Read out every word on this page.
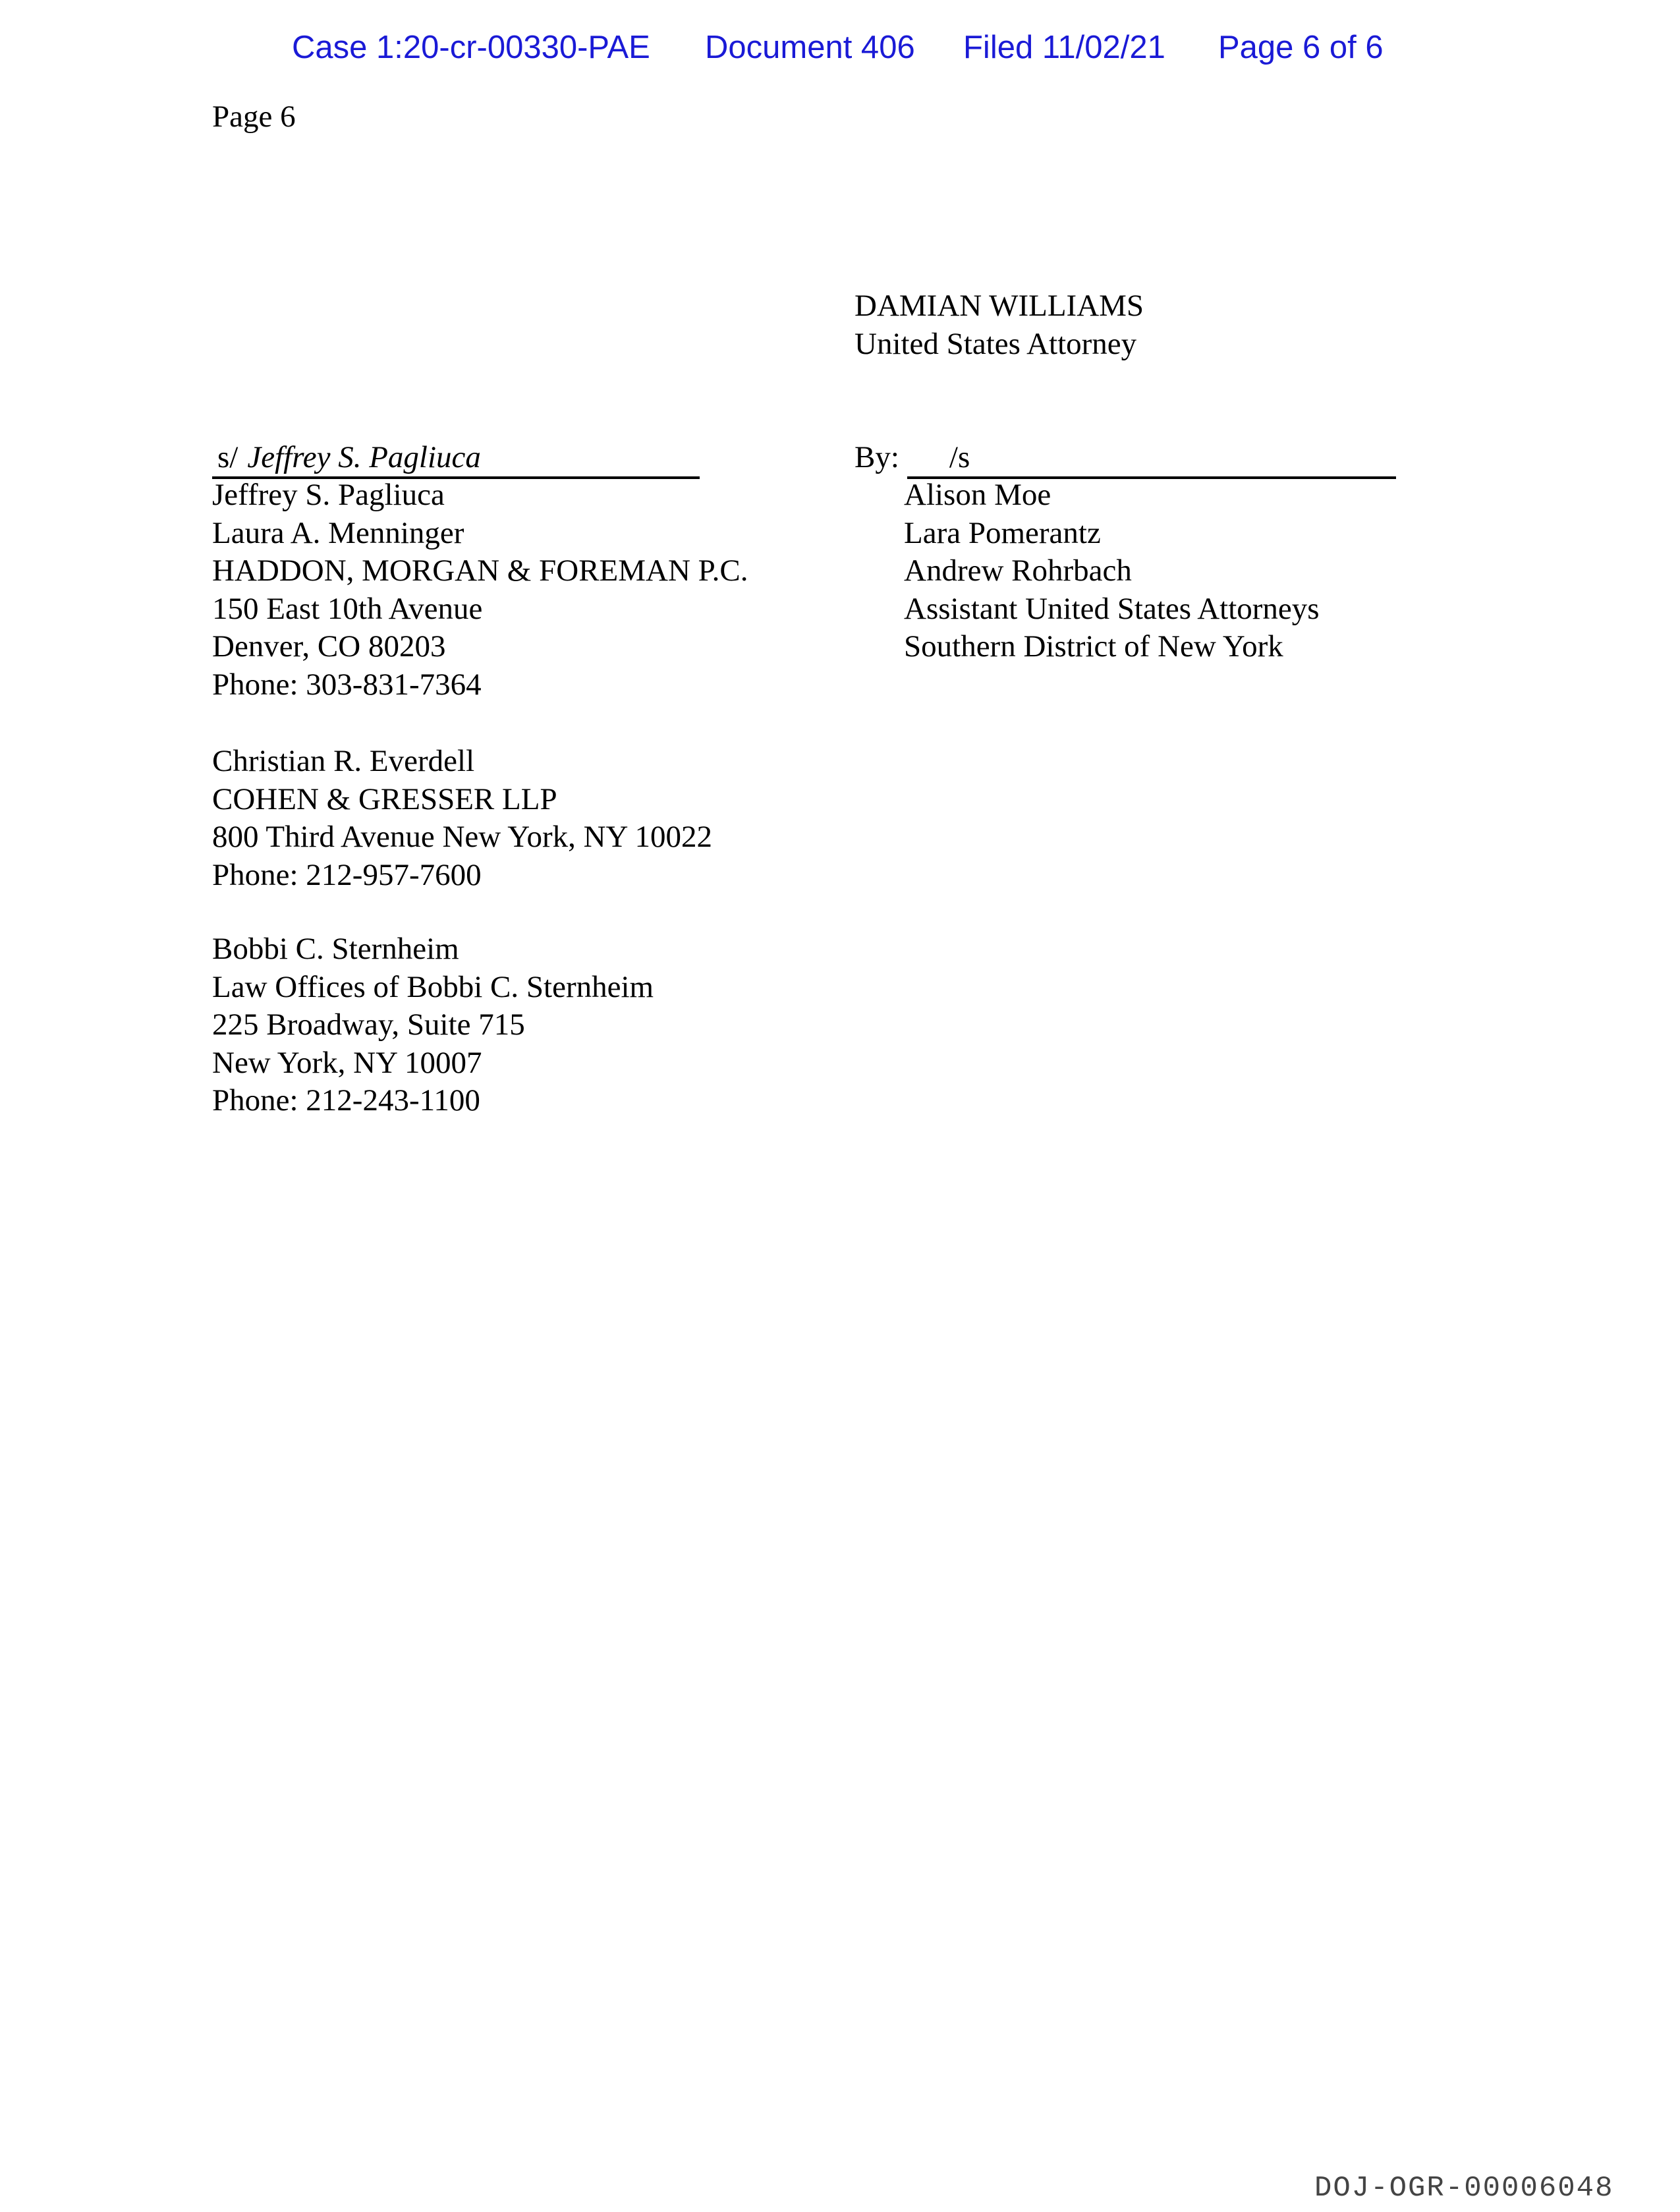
Case 1:20-cr-00330-PAE Document 406 Filed 11/02/21 Page 6 of 6
Page 6
DAMIAN WILLIAMS
United States Attorney
s/ Jeffrey S. Pagliuca
Jeffrey S. Pagliuca
Laura A. Menninger
HADDON, MORGAN & FOREMAN P.C.
150 East 10th Avenue
Denver, CO 80203
Phone: 303-831-7364
Christian R. Everdell
COHEN & GRESSER LLP
800 Third Avenue New York, NY 10022
Phone: 212-957-7600
Bobbi C. Sternheim
Law Offices of Bobbi C. Sternheim
225 Broadway, Suite 715
New York, NY 10007
Phone: 212-243-1100
By: /s
Alison Moe
Lara Pomerantz
Andrew Rohrbach
Assistant United States Attorneys
Southern District of New York
DOJ-OGR-00006048
